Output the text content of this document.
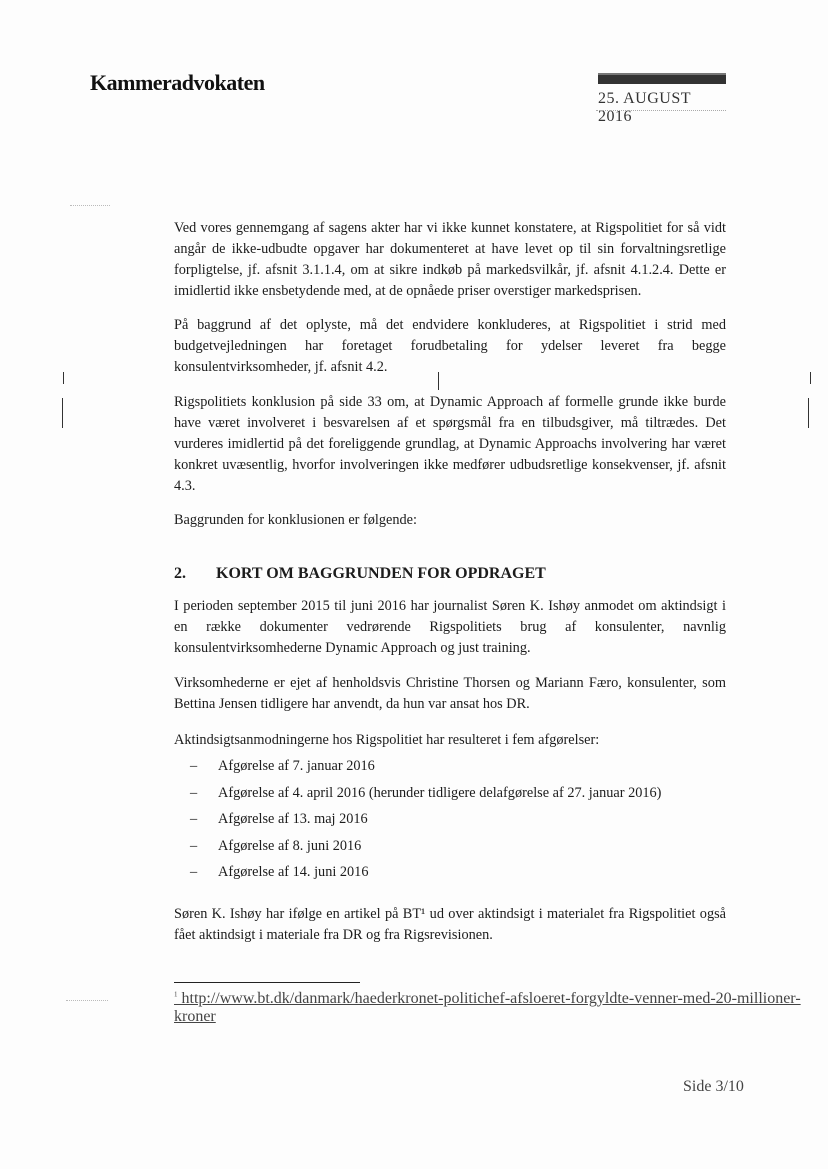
Kammeradvokaten
25. AUGUST 2016

Ved vores gennemgang af sagens akter har vi ikke kunnet konstatere, at Rigspolitiet for så vidt angår de ikke-udbudte opgaver har dokumenteret at have levet op til sin forvaltningsretlige forpligtelse, jf. afsnit 3.1.1.4, om at sikre indkøb på markedsvilkår, jf. afsnit 4.1.2.4. Dette er imidlertid ikke ensbetydende med, at de opnåede priser overstiger markedsprisen.

På baggrund af det oplyste, må det endvidere konkluderes, at Rigspolitiet i strid med budgetvejledningen har foretaget forudbetaling for ydelser leveret fra begge konsulentvirksomheder, jf. afsnit 4.2.

Rigspolitiets konklusion på side 33 om, at Dynamic Approach af formelle grunde ikke burde have været involveret i besvarelsen af et spørgsmål fra en tilbudsgiver, må tiltrædes. Det vurderes imidlertid på det foreliggende grundlag, at Dynamic Approachs involvering har været konkret uvæsentlig, hvorfor involveringen ikke medfører udbudsretlige konsekvenser, jf. afsnit 4.3.

Baggrunden for konklusionen er følgende:

2. KORT OM BAGGRUNDEN FOR OPDRAGET

I perioden september 2015 til juni 2016 har journalist Søren K. Ishøy anmodet om aktindsigt i en række dokumenter vedrørende Rigspolitiets brug af konsulenter, navnlig konsulentvirksomhederne Dynamic Approach og just training.

Virksomhederne er ejet af henholdsvis Christine Thorsen og Mariann Færo, konsulenter, som Bettina Jensen tidligere har anvendt, da hun var ansat hos DR.

Aktindsigtsanmodningerne hos Rigspolitiet har resulteret i fem afgørelser:

– Afgørelse af 7. januar 2016
– Afgørelse af 4. april 2016 (herunder tidligere delafgørelse af 27. januar 2016)
– Afgørelse af 13. maj 2016
– Afgørelse af 8. juni 2016
– Afgørelse af 14. juni 2016

Søren K. Ishøy har ifølge en artikel på BT¹ ud over aktindsigt i materialet fra Rigspolitiet også fået aktindsigt i materiale fra DR og fra Rigsrevisionen.

$^1$ http://www.bt.dk/danmark/haederkronet-politichef-afsloeret-forgyldte-venner-med-20-millioner-kroner
Side 3/10
